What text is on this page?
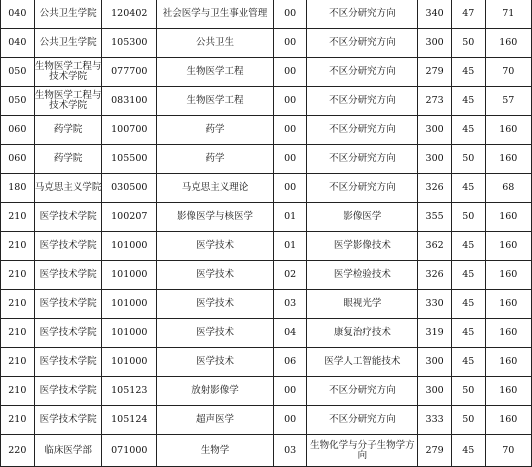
040	公共卫生学院	120402	社会医学与卫生事业管理	00	不区分研究方向	340	47	71
040	公共卫生学院	105300	公共卫生	00	不区分研究方向	300	50	160
050	生物医学工程与技术学院	077700	生物医学工程	00	不区分研究方向	279	45	70
050	生物医学工程与技术学院	083100	生物医学工程	00	不区分研究方向	273	45	57
060	药学院	100700	药学	00	不区分研究方向	300	45	160
060	药学院	105500	药学	00	不区分研究方向	300	50	160
180	马克思主义学院	030500	马克思主义理论	00	不区分研究方向	326	45	68
210	医学技术学院	100207	影像医学与核医学	01	影像医学	355	50	160
210	医学技术学院	101000	医学技术	01	医学影像技术	362	45	160
210	医学技术学院	101000	医学技术	02	医学检验技术	326	45	160
210	医学技术学院	101000	医学技术	03	眼视光学	330	45	160
210	医学技术学院	101000	医学技术	04	康复治疗技术	319	45	160
210	医学技术学院	101000	医学技术	06	医学人工智能技术	300	45	160
210	医学技术学院	105123	放射影像学	00	不区分研究方向	300	50	160
210	医学技术学院	105124	超声医学	00	不区分研究方向	333	50	160
220	临床医学部	071000	生物学	03	生物化学与分子生物学方向	279	45	70
